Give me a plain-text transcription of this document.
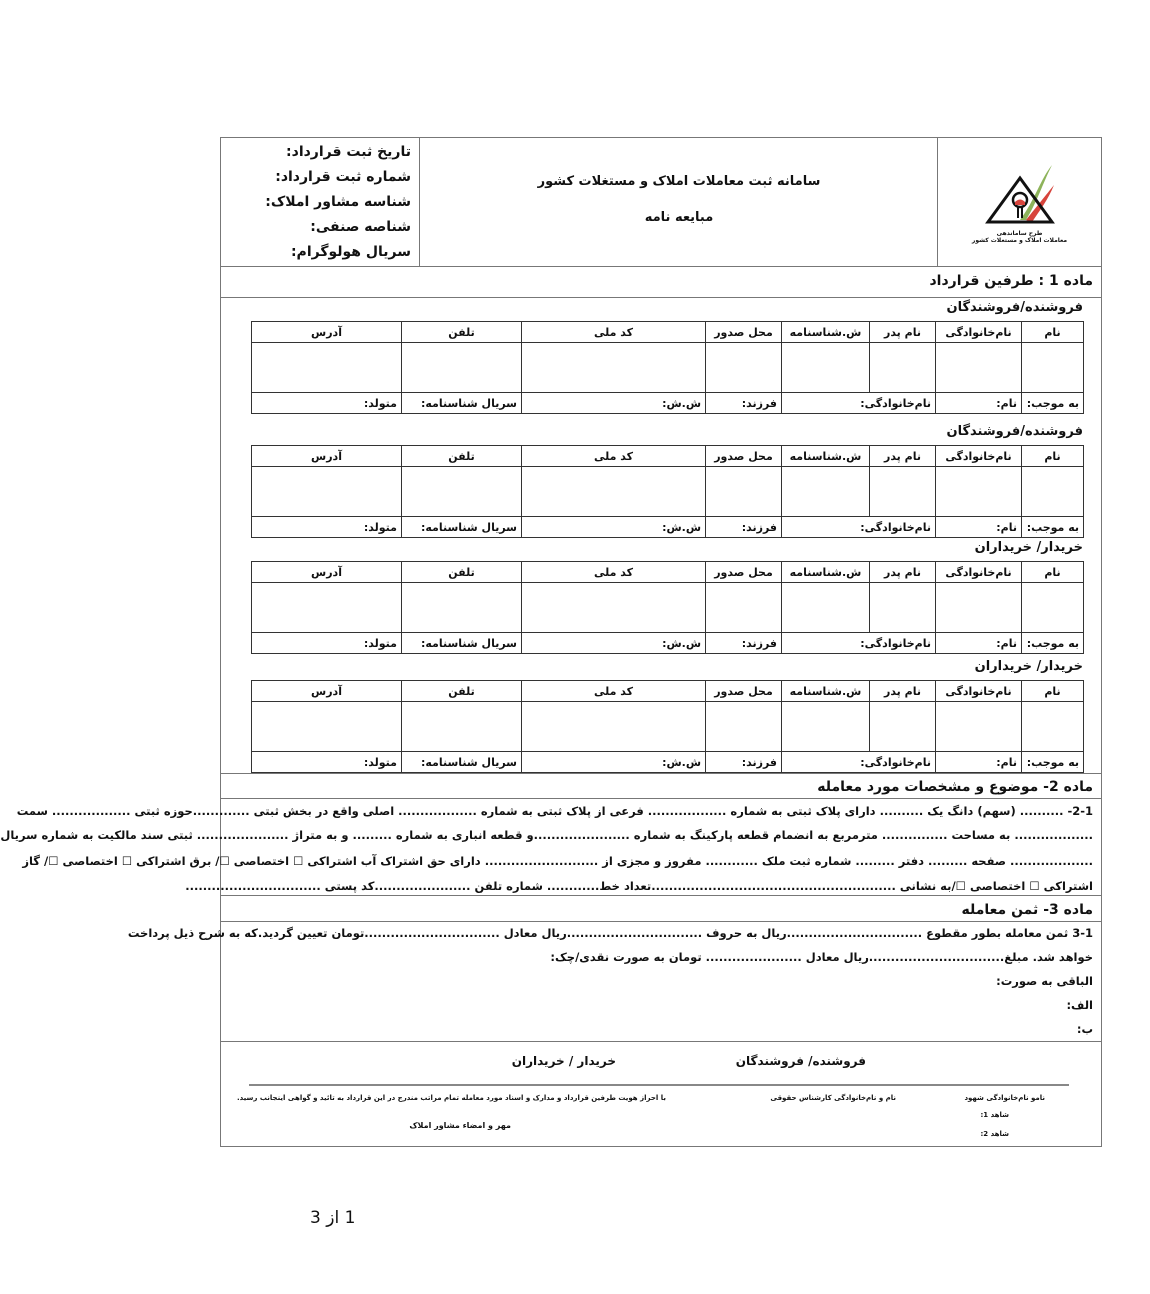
طرح ساماندهی
معاملات املاک و مستغلات کشور
سامانه ثبت معاملات املاک و مستغلات کشور
مبایعه نامه
تاریخ ثبت قرارداد:
شماره ثبت قرارداد:
شناسه مشاور املاک:
شناصه صنفی:
سریال هولوگرام:
ماده 1 : طرفین قرارداد
ماده 2- موضوع و مشخصات مورد معامله
2-1- .......... (سهم) دانگ یک .......... دارای پلاک ثبتی به شماره .................. فرعی از پلاک ثبتی به شماره .................. اصلی واقع در بخش ثبتی .............حوزه ثبتی .................. سمت
.................. به مساحت ............... مترمربع به انضمام قطعه پارکینگ به شماره ......................و قطعه انباری به شماره ......... و به متراژ ..................... ثبتی سند مالکیت به شماره سریال
................... صفحه ......... دفتر ......... شماره ثبت ملک ............ مفروز و مجزی از .......................... دارای حق اشتراک آب اشتراکی ☐ اختصاصی ☐/ برق اشتراکی ☐ اختصاصی ☐/ گاز
اشتراکی ☐ اختصاصی ☐/به نشانی ........................................................تعداد خط............ شماره تلفن ......................کد پستی ...............................
ماده 3- ثمن معامله
3-1 ثمن معامله بطور مقطوع ...............................ریال به حروف ...............................ریال معادل ...............................تومان تعیین گردید.که به شرح ذیل پرداخت
خواهد شد. مبلغ...............................ریال معادل ...................... تومان به صورت نقدی/چک:
الباقی به صورت:
الف:
ب:
فروشنده/ فروشندگان
خریدار / خریداران
نامو نام‌خانوادگی شهود
شاهد 1:
شاهد 2:
نام و نام‌خانوادگی کارشناس حقوقی
با احراز هویت طرفین قرارداد و مدارک و اسناد مورد معامله تمام مراتب مندرج در این قرارداد به تائید و گواهی اینجانب رسید.
مهر و امضاء مشاور املاک
فروشنده/فروشندگان
نام	نام‌خانوادگی	نام پدر	ش.شناسنامه	محل صدور	کد ملی	تلفن	آدرس

به موجب:	نام:	نام‌خانوادگی:		فرزند:	ش.ش:	سریال شناسنامه:	متولد:
فروشنده/فروشندگان
نام	نام‌خانوادگی	نام پدر	ش.شناسنامه	محل صدور	کد ملی	تلفن	آدرس

به موجب:	نام:	نام‌خانوادگی:		فرزند:	ش.ش:	سریال شناسنامه:	متولد:
خریدار/ خریداران
نام	نام‌خانوادگی	نام پدر	ش.شناسنامه	محل صدور	کد ملی	تلفن	آدرس

به موجب:	نام:	نام‌خانوادگی:		فرزند:	ش.ش:	سریال شناسنامه:	متولد:
خریدار/ خریداران
نام	نام‌خانوادگی	نام پدر	ش.شناسنامه	محل صدور	کد ملی	تلفن	آدرس

به موجب:	نام:	نام‌خانوادگی:		فرزند:	ش.ش:	سریال شناسنامه:	متولد:
1 از 3
